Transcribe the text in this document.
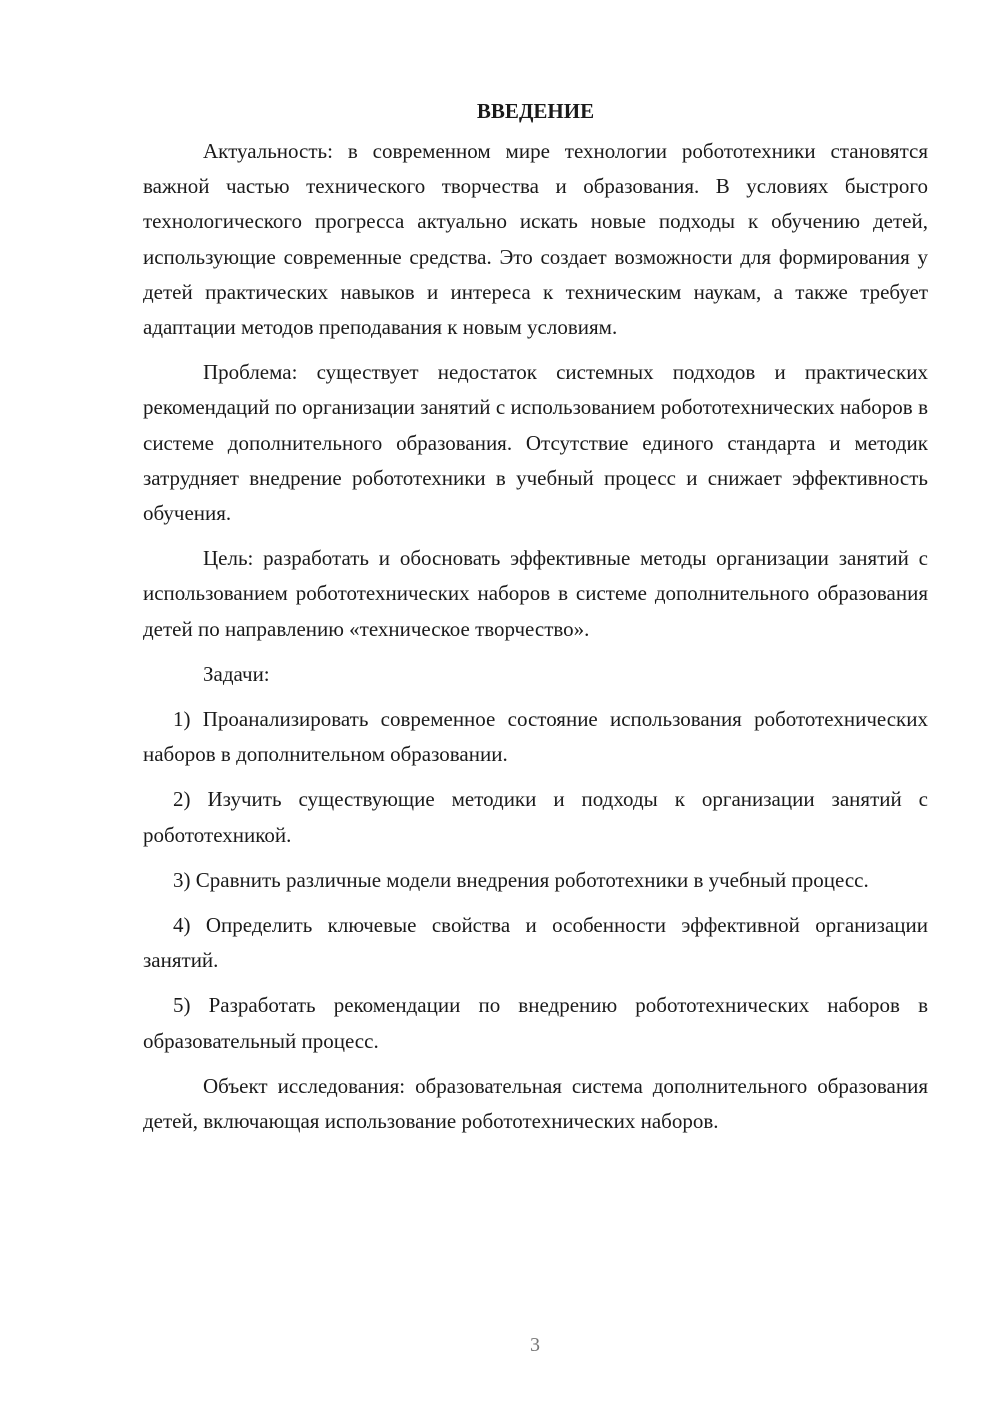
ВВЕДЕНИЕ

Актуальность: в современном мире технологии робототехники становятся важной частью технического творчества и образования. В условиях быстрого технологического прогресса актуально искать новые подходы к обучению детей, использующие современные средства. Это создает возможности для формирования у детей практических навыков и интереса к техническим наукам, а также требует адаптации методов преподавания к новым условиям.

Проблема: существует недостаток системных подходов и практических рекомендаций по организации занятий с использованием робототехнических наборов в системе дополнительного образования. Отсутствие единого стандарта и методик затрудняет внедрение робототехники в учебный процесс и снижает эффективность обучения.

Цель: разработать и обосновать эффективные методы организации занятий с использованием робототехнических наборов в системе дополнительного образования детей по направлению «техническое творчество».

Задачи:

1) Проанализировать современное состояние использования робототехнических наборов в дополнительном образовании.

2) Изучить существующие методики и подходы к организации занятий с робототехникой.

3) Сравнить различные модели внедрения робототехники в учебный процесс.

4) Определить ключевые свойства и особенности эффективной организации занятий.

5) Разработать рекомендации по внедрению робототехнических наборов в образовательный процесс.

Объект исследования: образовательная система дополнительного образования детей, включающая использование робототехнических наборов.

3
